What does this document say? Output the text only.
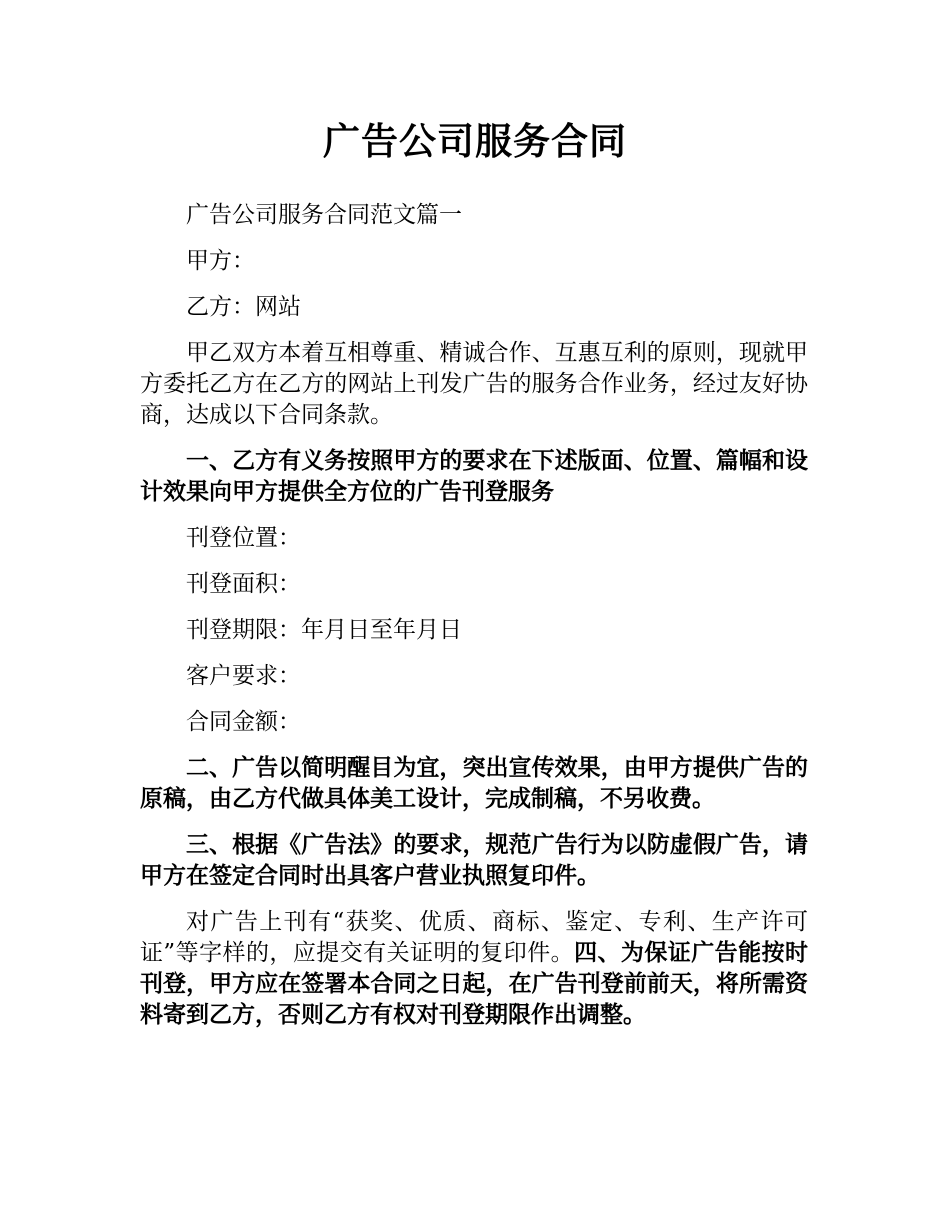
广告公司服务合同

广告公司服务合同范文篇一

甲方：

乙方：网站

甲乙双方本着互相尊重、精诚合作、互惠互利的原则，现就甲方委托乙方在乙方的网站上刊发广告的服务合作业务，经过友好协商，达成以下合同条款。

一、乙方有义务按照甲方的要求在下述版面、位置、篇幅和设计效果向甲方提供全方位的广告刊登服务

刊登位置：

刊登面积：

刊登期限：年月日至年月日

客户要求：

合同金额：

二、广告以简明醒目为宜，突出宣传效果，由甲方提供广告的原稿，由乙方代做具体美工设计，完成制稿，不另收费。

三、根据《广告法》的要求，规范广告行为以防虚假广告，请甲方在签定合同时出具客户营业执照复印件。

对广告上刊有“获奖、优质、商标、鉴定、专利、生产许可证”等字样的，应提交有关证明的复印件。四、为保证广告能按时刊登，甲方应在签署本合同之日起，在广告刊登前前天，将所需资料寄到乙方，否则乙方有权对刊登期限作出调整。
